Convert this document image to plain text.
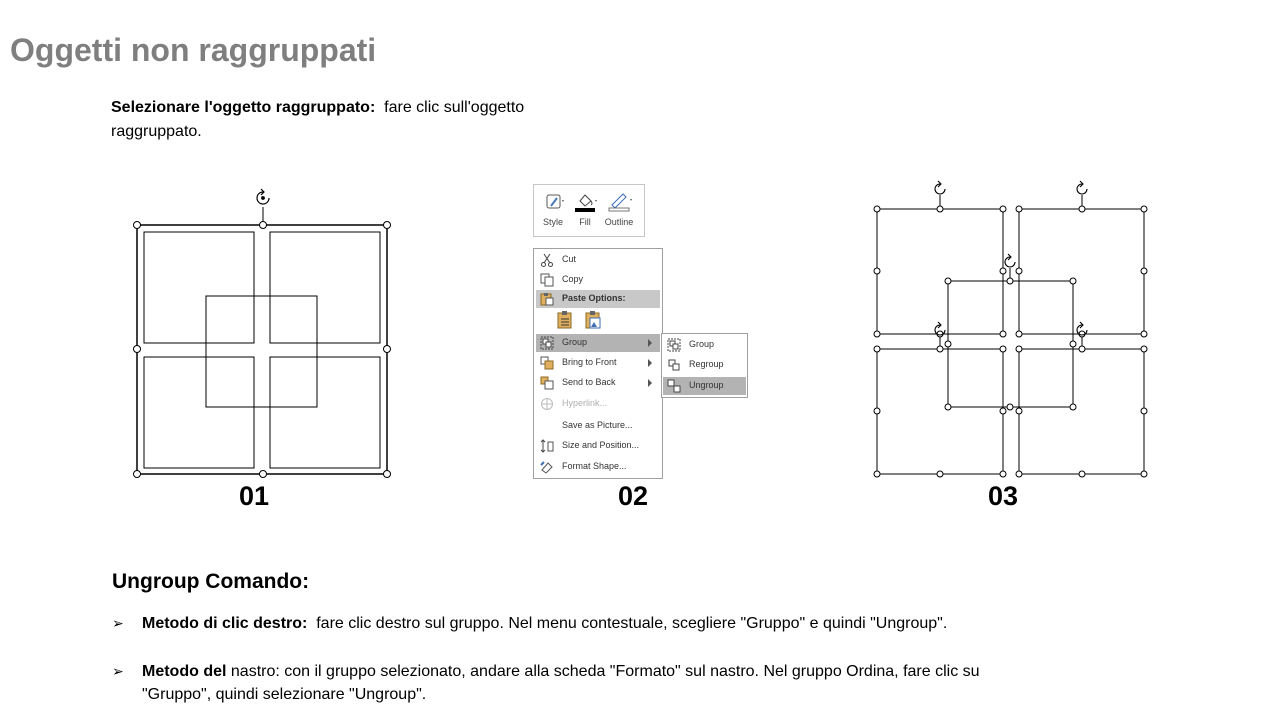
Oggetti non raggruppati
Selezionare l'oggetto raggruppato: fare clic sull'oggetto raggruppato.
01
Style	Fill	Outline
Cut
Copy
Paste Options:
Group
Bring to Front
Send to Back
Hyperlink...
Save as Picture...
Size and Position...
Format Shape...
Group
Regroup
Ungroup
02	03
Ungroup Comando:
➢ Metodo di clic destro: fare clic destro sul gruppo. Nel menu contestuale, scegliere "Gruppo" e quindi "Ungroup".
➢ Metodo del nastro: con il gruppo selezionato, andare alla scheda "Formato" sul nastro. Nel gruppo Ordina, fare clic su "Gruppo", quindi selezionare "Ungroup".
